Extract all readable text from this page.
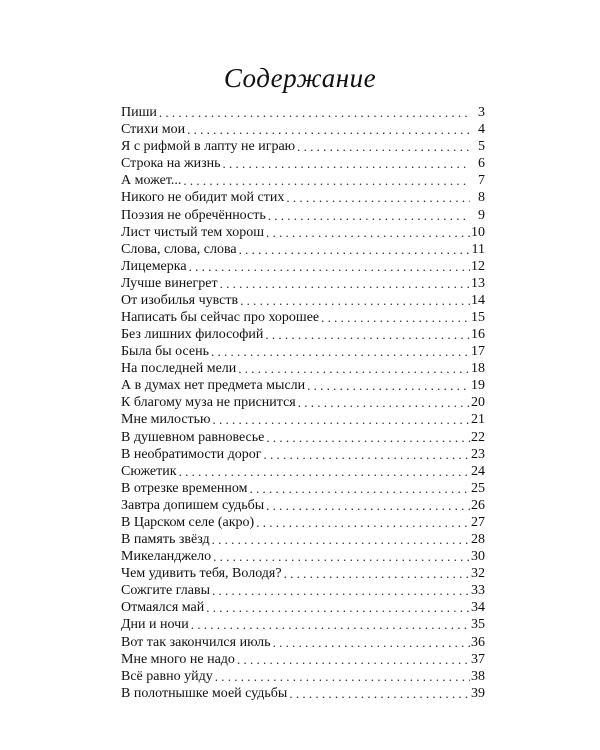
Содержание
Пиши . . .	3
Стихи мои . . .	4
Я с рифмой в лапту не играю . . .	5
Строка на жизнь . . .	6
А может... . . .	7
Никого не обидит мой стих . . .	8
Поэзия не обречённость . . .	9
Лист чистый тем хорош . . .	10
Слова, слова, слова . . .	11
Лицемерка . . .	12
Лучше винегрет . . .	13
От изобилья чувств . . .	14
Написать бы сейчас про хорошее . . .	15
Без лишних философий . . .	16
Была бы осень . . .	17
На последней мели . . .	18
А в думах нет предмета мысли . . .	19
К благому муза не приснится . . .	20
Мне милостью . . .	21
В душевном равновесье . . .	22
В необратимости дорог . . .	23
Сюжетик . . .	24
В отрезке временном . . .	25
Завтра допишем судьбы . . .	26
В Царском селе (акро) . . .	27
В память звёзд . . .	28
Микеланджело . . .	30
Чем удивить тебя, Володя? . . .	32
Сожгите главы . . .	33
Отмаялся май . . .	34
Дни и ночи . . .	35
Вот так закончился июль . . .	36
Мне много не надо . . .	37
Всё равно уйду . . .	38
В полотнышке моей судьбы . . .	39
